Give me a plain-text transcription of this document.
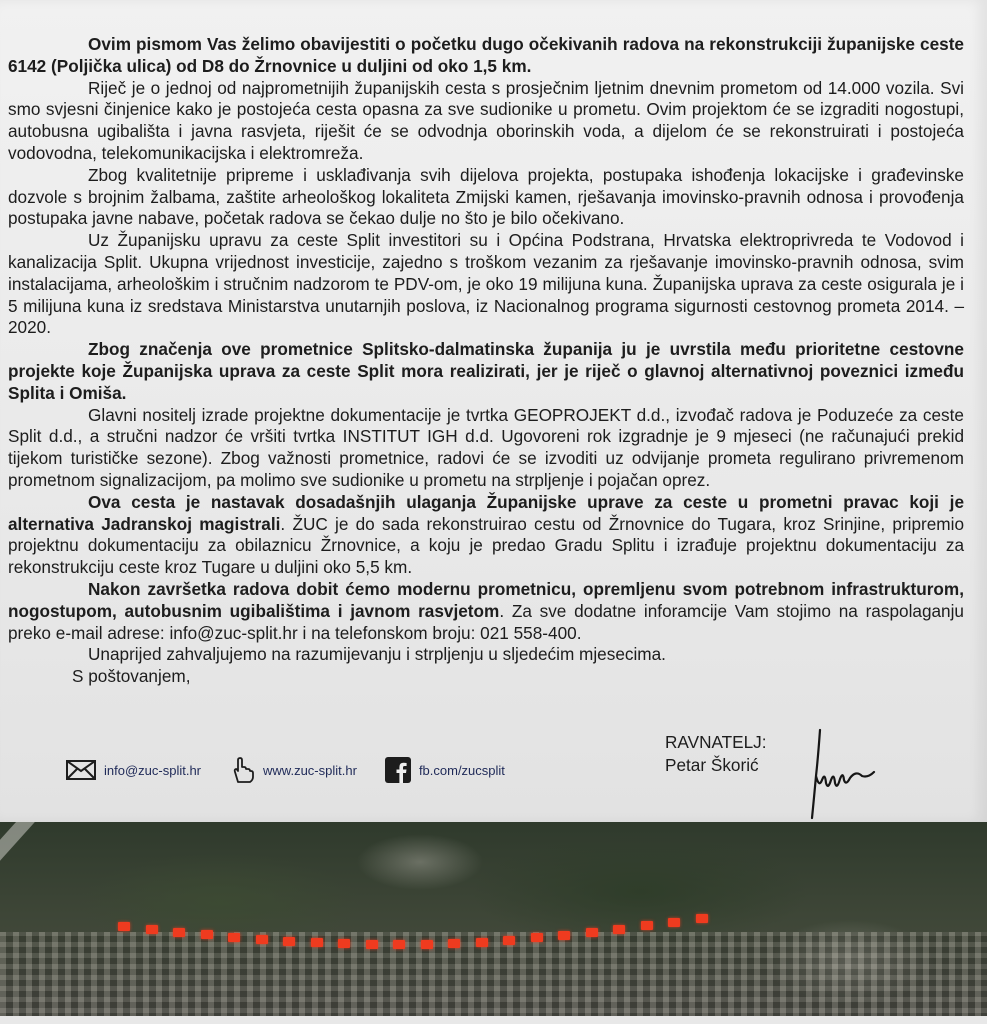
Ovim pismom Vas želimo obavijestiti o početku dugo očekivanih radova na rekonstrukciji županijske ceste 6142 (Poljička ulica) od D8 do Žrnovnice u duljini od oko 1,5 km.

Riječ je o jednoj od najprometnijih županijskih cesta s prosječnim ljetnim dnevnim prometom od 14.000 vozila. Svi smo svjesni činjenice kako je postojeća cesta opasna za sve sudionike u prometu. Ovim projektom će se izgraditi nogostupi, autobusna ugibališta i javna rasvjeta, riješit će se odvodnja oborinskih voda, a dijelom će se rekonstruirati i postojeća vodovodna, telekomunikacijska i elektromreža.

Zbog kvalitetnije pripreme i usklađivanja svih dijelova projekta, postupaka ishođenja lokacijske i građevinske dozvole s brojnim žalbama, zaštite arheološkog lokaliteta Zmijski kamen, rješavanja imovinsko-pravnih odnosa i provođenja postupaka javne nabave, početak radova se čekao dulje no što je bilo očekivano.

Uz Županijsku upravu za ceste Split investitori su i Općina Podstrana, Hrvatska elektroprivreda te Vodovod i kanalizacija Split. Ukupna vrijednost investicije, zajedno s troškom vezanim za rješavanje imovinsko-pravnih odnosa, svim instalacijama, arheološkim i stručnim nadzorom te PDV-om, je oko 19 milijuna kuna. Županijska uprava za ceste osigurala je i 5 milijuna kuna iz sredstava Ministarstva unutarnjih poslova, iz Nacionalnog programa sigurnosti cestovnog prometa 2014. – 2020.

Zbog značenja ove prometnice Splitsko-dalmatinska županija ju je uvrstila među prioritetne cestovne projekte koje Županijska uprava za ceste Split mora realizirati, jer je riječ o glavnoj alternativnoj poveznici između Splita i Omiša.

Glavni nositelj izrade projektne dokumentacije je tvrtka GEOPROJEKT d.d., izvođač radova je Poduzeće za ceste Split d.d., a stručni nadzor će vršiti tvrtka INSTITUT IGH d.d. Ugovoreni rok izgradnje je 9 mjeseci (ne računajući prekid tijekom turističke sezone). Zbog važnosti prometnice, radovi će se izvoditi uz odvijanje prometa regulirano privremenom prometnom signalizacijom, pa molimo sve sudionike u prometu na strpljenje i pojačan oprez.

Ova cesta je nastavak dosadašnjih ulaganja Županijske uprave za ceste u prometni pravac koji je alternativa Jadranskoj magistrali. ŽUC je do sada rekonstruirao cestu od Žrnovnice do Tugara, kroz Srinjine, pripremio projektnu dokumentaciju za obilaznicu Žrnovnice, a koju je predao Gradu Splitu i izrađuje projektnu dokumentaciju za rekonstrukciju ceste kroz Tugare u duljini oko 5,5 km.

Nakon završetka radova dobit ćemo modernu prometnicu, opremljenu svom potrebnom infrastrukturom, nogostupom, autobusnim ugibalištima i javnom rasvjetom. Za sve dodatne inforamcije Vam stojimo na raspolaganju preko e-mail adrese: info@zuc-split.hr i na telefonskom broju: 021 558-400.

Unaprijed zahvaljujemo na razumijevanju i strpljenju u sljedećim mjesecima.

S poštovanjem,
info@zuc-split.hr	www.zuc-split.hr	fb.com/zucsplit
RAVNATELJ:
Petar Škorić
